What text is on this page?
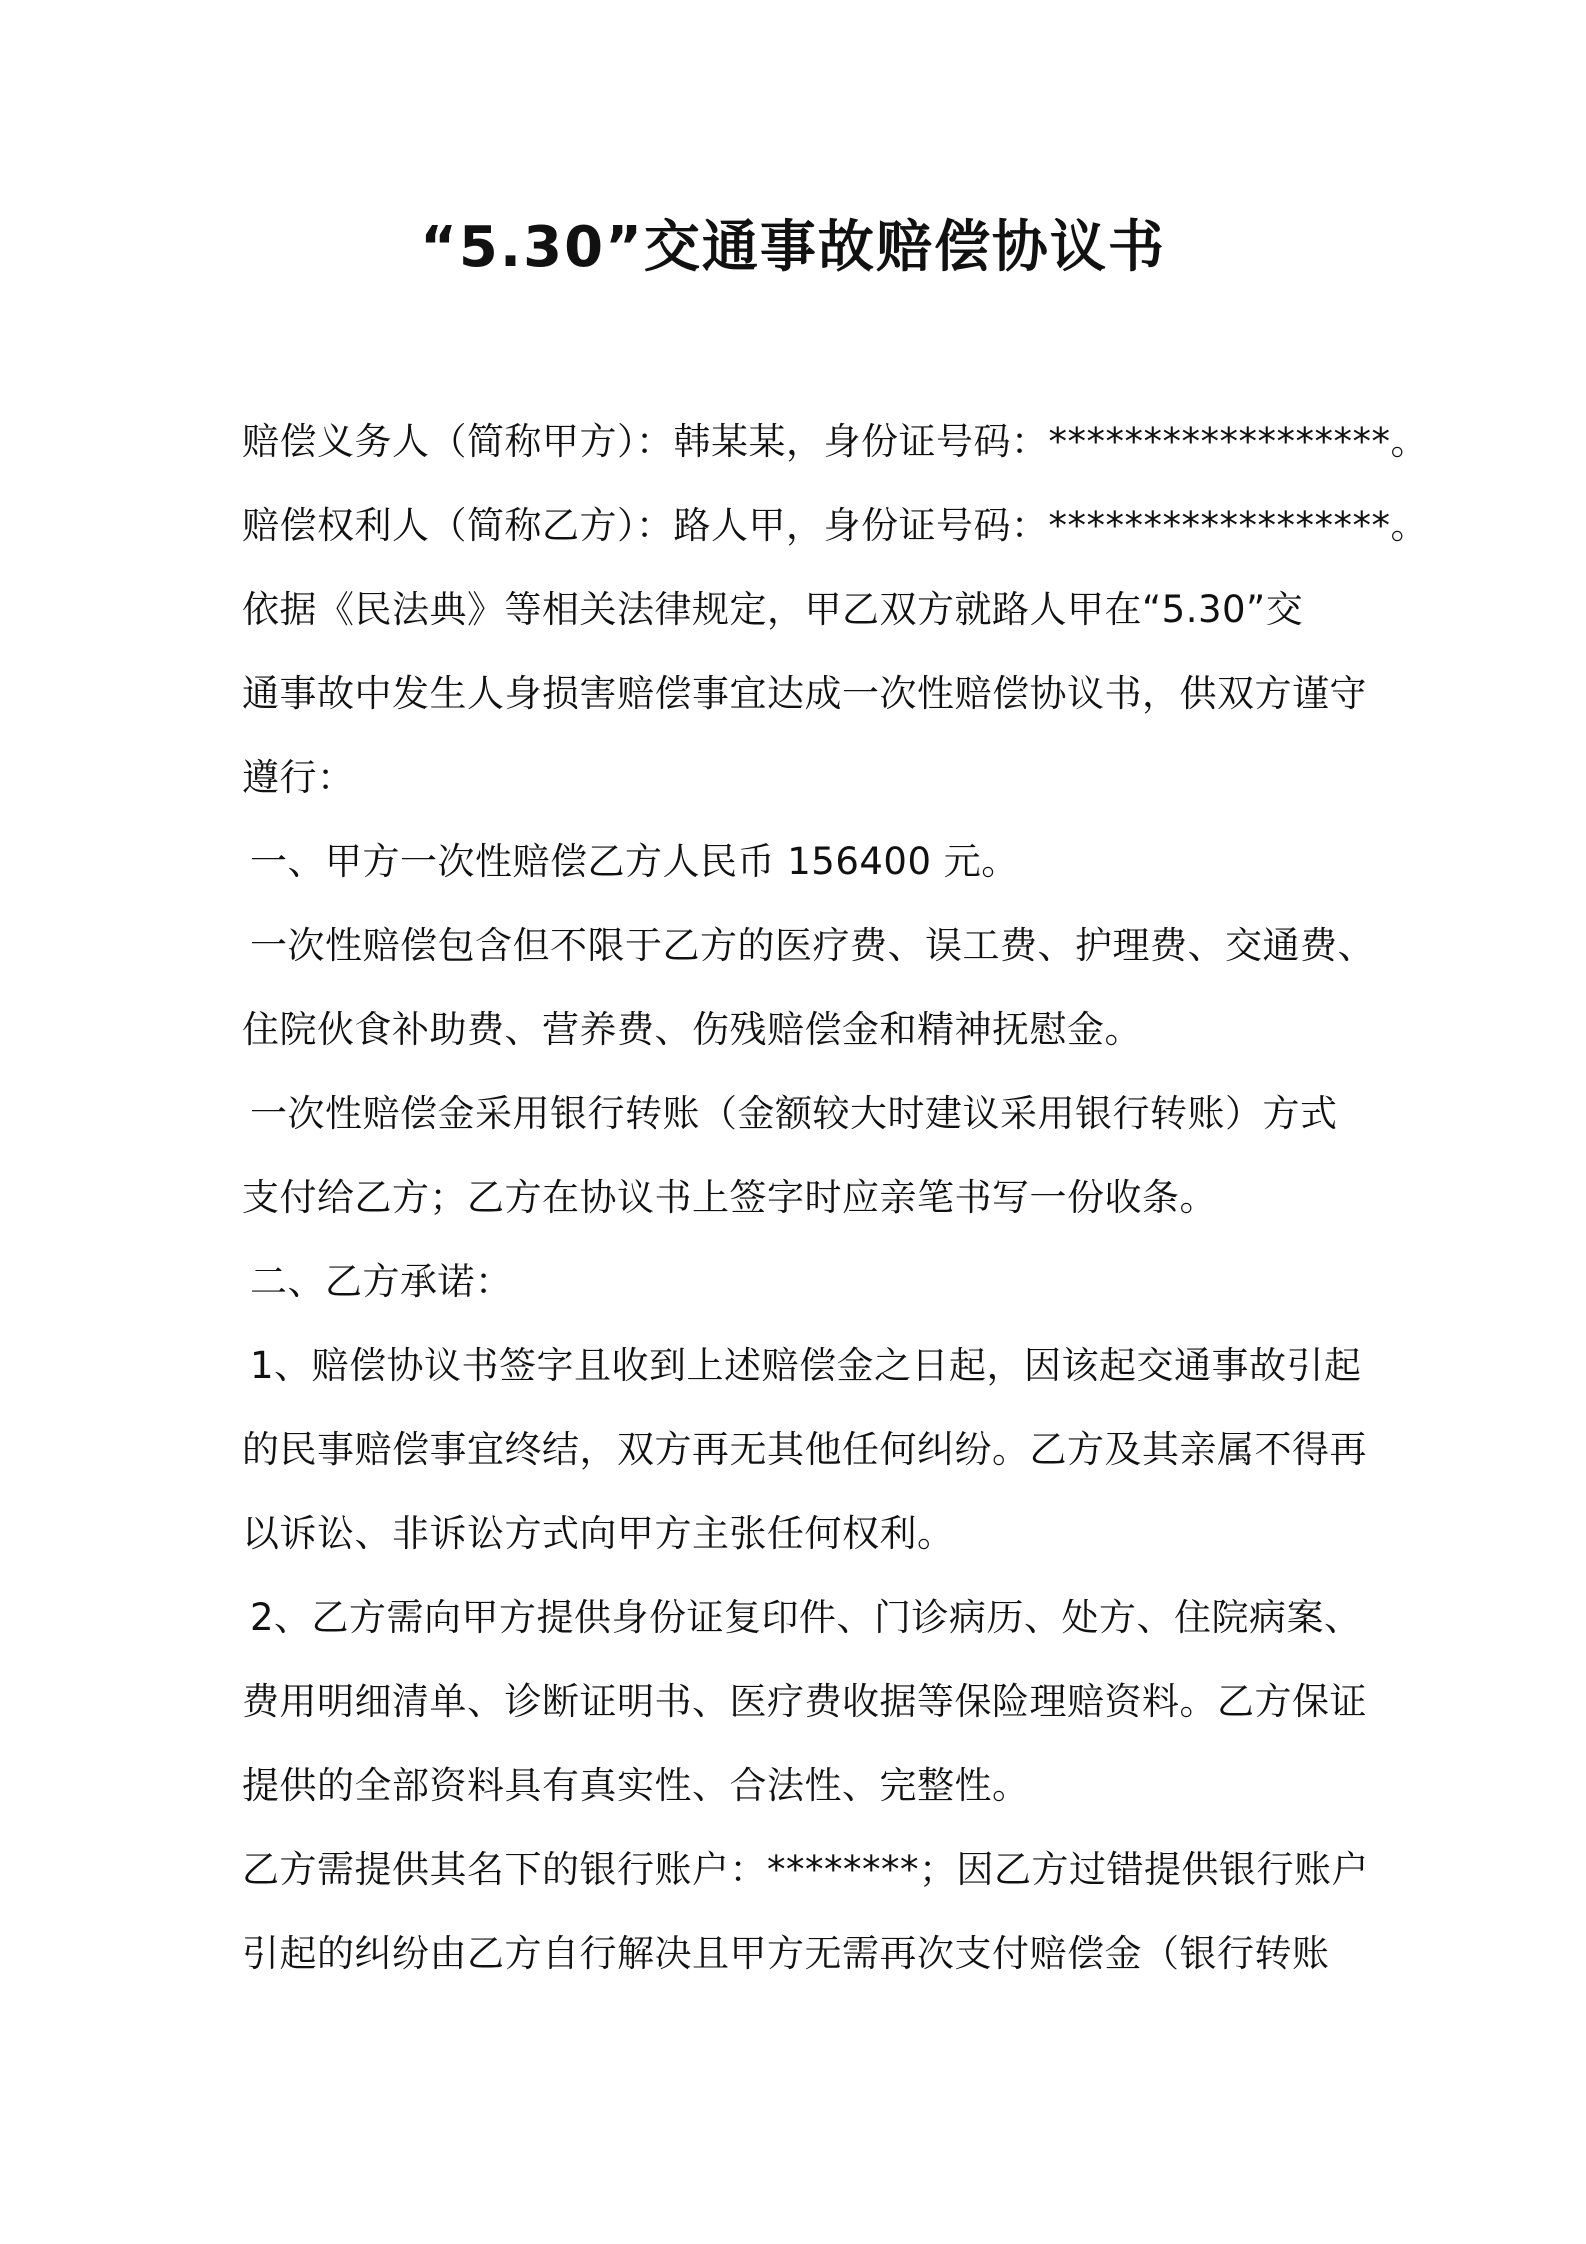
“5.30”交通事故赔偿协议书

赔偿义务人（简称甲方）：韩某某，身份证号码：******************。

赔偿权利人（简称乙方）：路人甲，身份证号码：******************。

依据《民法典》等相关法律规定，甲乙双方就路人甲在“5.30”交

通事故中发生人身损害赔偿事宜达成一次性赔偿协议书，供双方谨守

遵行：

一、甲方一次性赔偿乙方人民币 156400 元。

一次性赔偿包含但不限于乙方的医疗费、误工费、护理费、交通费、

住院伙食补助费、营养费、伤残赔偿金和精神抚慰金。

一次性赔偿金采用银行转账（金额较大时建议采用银行转账）方式

支付给乙方；乙方在协议书上签字时应亲笔书写一份收条。

二、乙方承诺：

1、赔偿协议书签字且收到上述赔偿金之日起，因该起交通事故引起

的民事赔偿事宜终结，双方再无其他任何纠纷。乙方及其亲属不得再

以诉讼、非诉讼方式向甲方主张任何权利。

2、乙方需向甲方提供身份证复印件、门诊病历、处方、住院病案、

费用明细清单、诊断证明书、医疗费收据等保险理赔资料。乙方保证

提供的全部资料具有真实性、合法性、完整性。

乙方需提供其名下的银行账户：********；因乙方过错提供银行账户

引起的纠纷由乙方自行解决且甲方无需再次支付赔偿金（银行转账
